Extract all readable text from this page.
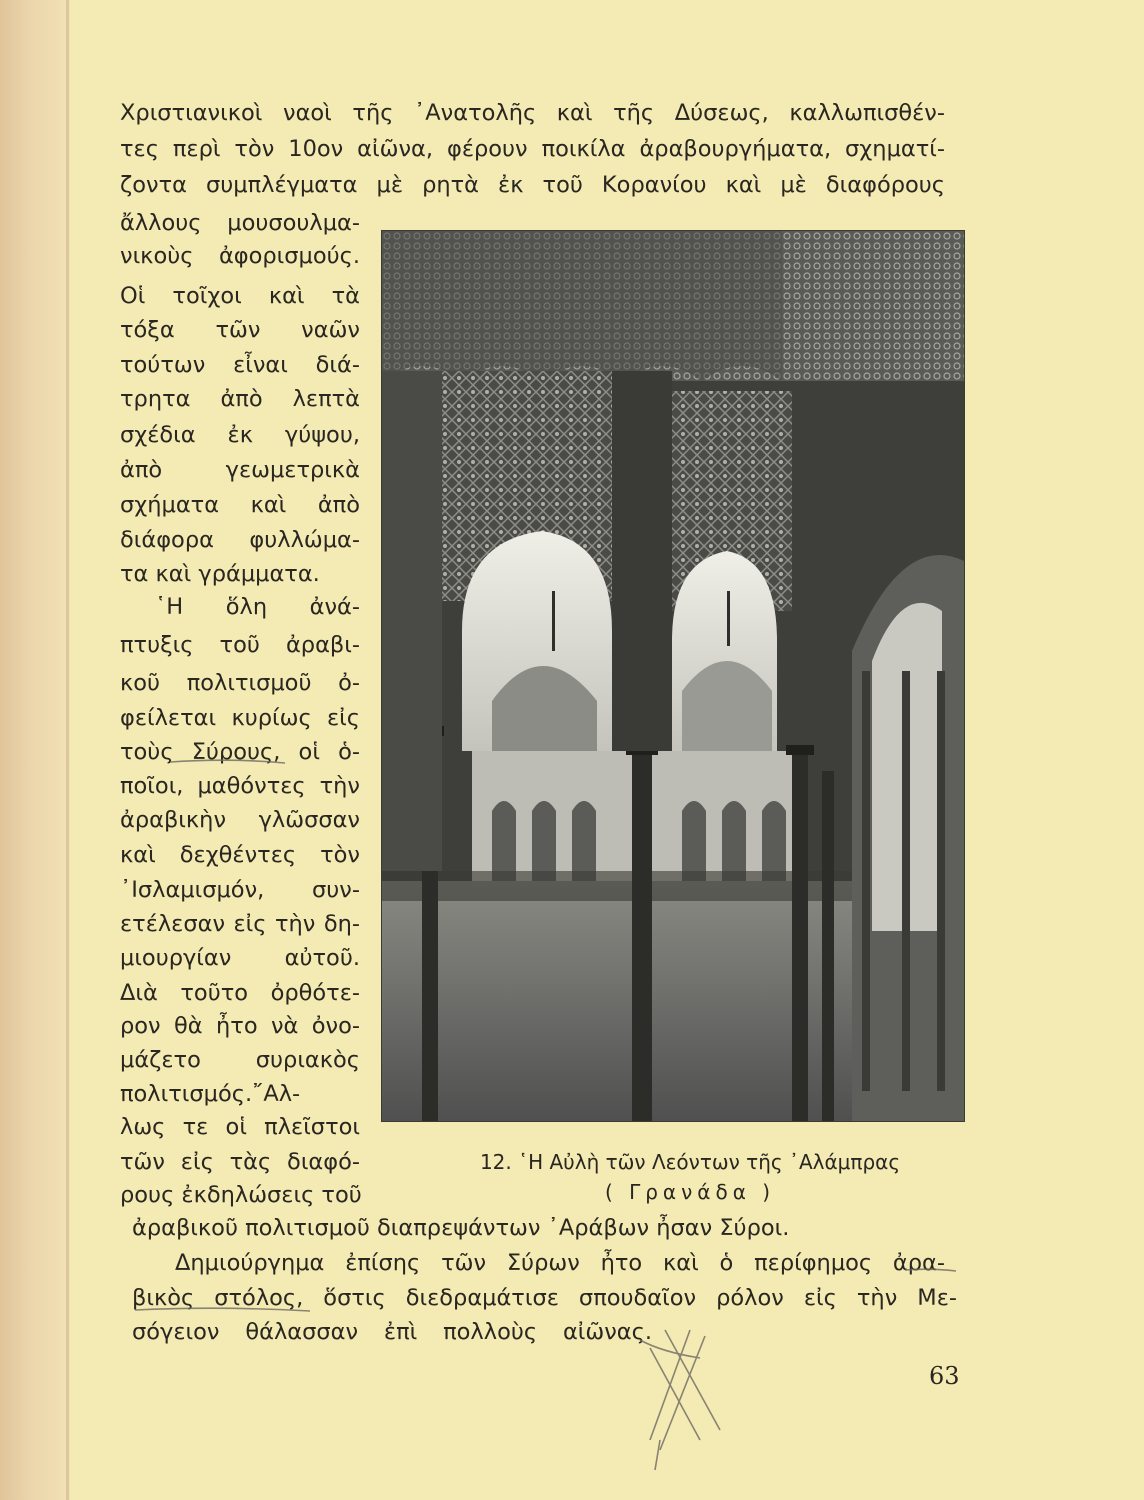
Χριστιανικοὶ ναοὶ τῆς ᾿Ανατολῆς καὶ τῆς Δύσεως, καλλωπισθέν-
τες περὶ τὸν 10ον αἰῶνα, φέρουν ποικίλα ἀραβουργήματα, σχηματί-
ζοντα συμπλέγματα μὲ ρητὰ ἐκ τοῦ Κορανίου καὶ μὲ διαφόρους
ἄλλους μουσουλμα-
νικοὺς ἀφορισμούς.
Οἱ τοῖχοι καὶ τὰ
τόξα τῶν ναῶν
τούτων εἶναι διά-
τρητα ἀπὸ λεπτὰ
σχέδια ἐκ γύψου,
ἀπὸ γεωμετρικὰ
σχήματα καὶ ἀπὸ
διάφορα φυλλώμα-
τα καὶ γράμματα.
῾Η ὅλη ἀνά-
πτυξις τοῦ ἀραβι-
κοῦ πολιτισμοῦ ὀ-
φείλεται κυρίως εἰς
τοὺς Σύρους, οἱ ὁ-
ποῖοι, μαθόντες τὴν
ἀραβικὴν γλῶσσαν
καὶ δεχθέντες τὸν
᾿Ισλαμισμόν, συν-
ετέλεσαν εἰς τὴν δη-
μιουργίαν αὐτοῦ.
Διὰ τοῦτο ὀρθότε-
ρον θὰ ἦτο νὰ ὀνο-
μάζετο συριακὸς
πολιτισμός.῎Αλ-
λως τε οἱ πλεῖστοι
τῶν εἰς τὰς διαφό-
ρους ἐκδηλώσεις τοῦ
12. ῾Η Αὐλὴ τῶν Λεόντων τῆς ᾿Αλάμπρας
( Γρανάδα )
ἀραβικοῦ πολιτισμοῦ διαπρεψάντων ᾿Αράβων ἦσαν Σύροι.
Δημιούργημα ἐπίσης τῶν Σύρων ἦτο καὶ ὁ περίφημος ἀρα-
βικὸς στόλος, ὅστις διεδραμάτισε σπουδαῖον ρόλον εἰς τὴν Με-
σόγειον θάλασσαν ἐπὶ πολλοὺς αἰῶνας.
63
